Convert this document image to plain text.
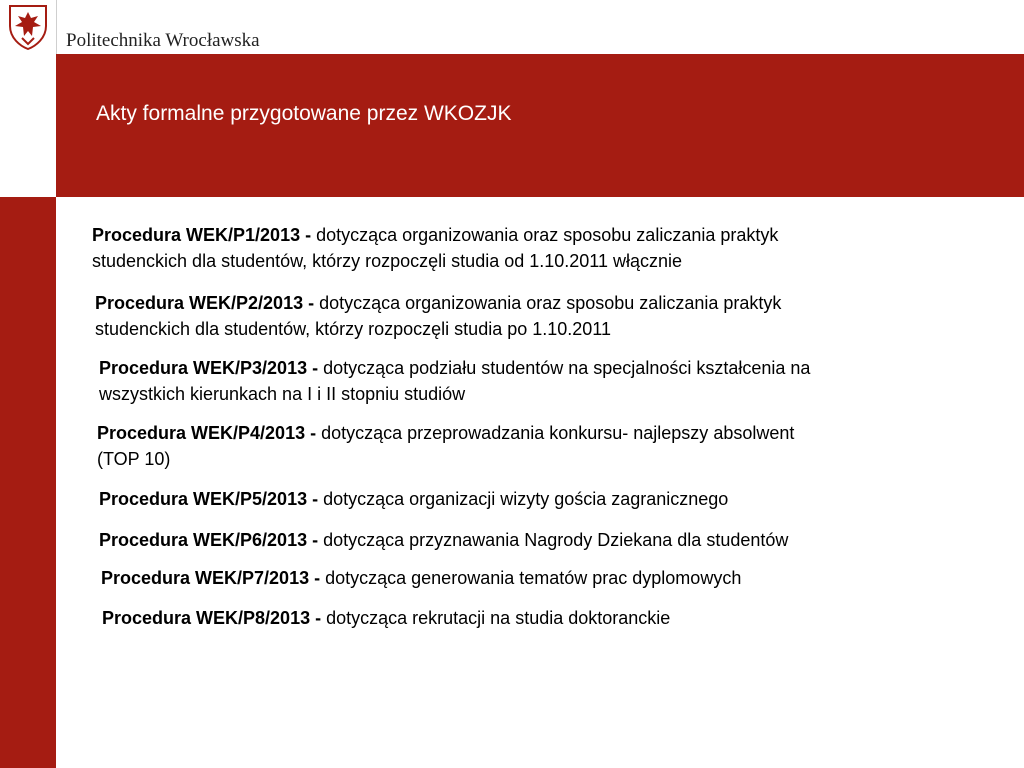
Politechnika Wrocławska
Akty formalne przygotowane przez WKOZJK
Procedura WEK/P1/2013 - dotycząca organizowania oraz sposobu zaliczania praktyk
studenckich dla studentów, którzy rozpoczęli studia od 1.10.2011 włącznie
Procedura WEK/P2/2013 - dotycząca organizowania oraz sposobu zaliczania praktyk
studenckich dla studentów, którzy rozpoczęli studia po 1.10.2011
Procedura WEK/P3/2013 - dotycząca podziału studentów na specjalności kształcenia na
wszystkich kierunkach na I i II stopniu studiów
Procedura WEK/P4/2013 - dotycząca przeprowadzania konkursu- najlepszy absolwent
(TOP 10)
Procedura WEK/P5/2013 - dotycząca organizacji wizyty gościa zagranicznego
Procedura WEK/P6/2013 - dotycząca przyznawania Nagrody Dziekana dla studentów
Procedura WEK/P7/2013 - dotycząca generowania tematów prac dyplomowych
Procedura WEK/P8/2013 - dotycząca rekrutacji na studia doktoranckie
